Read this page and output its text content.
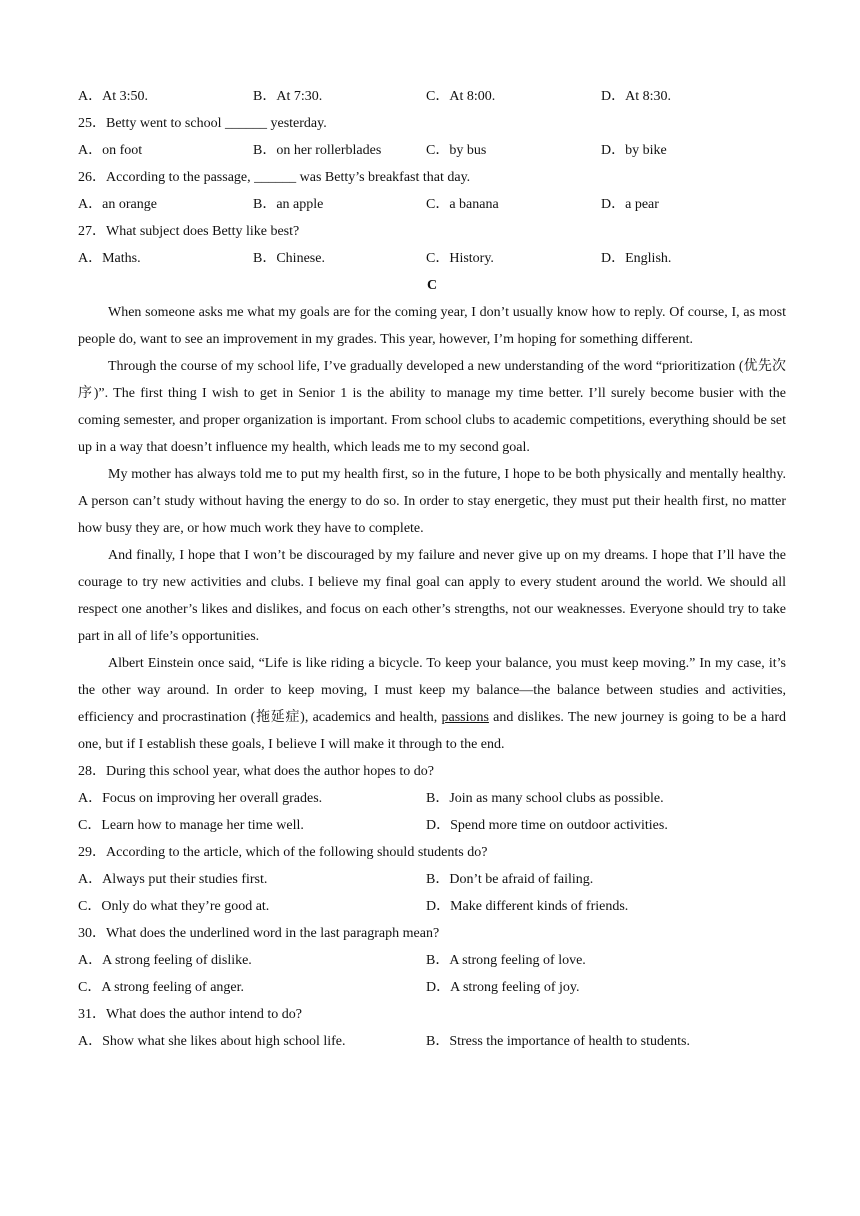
A．At 3:50.	B．At 7:30.	C．At 8:00.	D．At 8:30.
25．Betty went to school ______ yesterday.
A．on foot	B．on her rollerblades	C．by bus	D．by bike
26．According to the passage, ______ was Betty’s breakfast that day.
A．an orange	B．an apple	C．a banana	D．a pear
27．What subject does Betty like best?
A．Maths.	B．Chinese.	C．History.	D．English.
C

When someone asks me what my goals are for the coming year, I don’t usually know how to reply. Of course, I, as most people do, want to see an improvement in my grades. This year, however, I’m hoping for something different.

Through the course of my school life, I’ve gradually developed a new understanding of the word “prioritization (优先次序)”. The first thing I wish to get in Senior 1 is the ability to manage my time better. I’ll surely become busier with the coming semester, and proper organization is important. From school clubs to academic competitions, everything should be set up in a way that doesn’t influence my health, which leads me to my second goal.

My mother has always told me to put my health first, so in the future, I hope to be both physically and mentally healthy. A person can’t study without having the energy to do so. In order to stay energetic, they must put their health first, no matter how busy they are, or how much work they have to complete.

And finally, I hope that I won’t be discouraged by my failure and never give up on my dreams. I hope that I’ll have the courage to try new activities and clubs. I believe my final goal can apply to every student around the world. We should all respect one another’s likes and dislikes, and focus on each other’s strengths, not our weaknesses. Everyone should try to take part in all of life’s opportunities.

Albert Einstein once said, “Life is like riding a bicycle. To keep your balance, you must keep moving.” In my case, it’s the other way around. In order to keep moving, I must keep my balance—the balance between studies and activities, efficiency and procrastination (拖延症), academics and health, passions and dislikes. The new journey is going to be a hard one, but if I establish these goals, I believe I will make it through to the end.

28．During this school year, what does the author hopes to do?
A．Focus on improving her overall grades.	B．Join as many school clubs as possible.
C．Learn how to manage her time well.	D．Spend more time on outdoor activities.
29．According to the article, which of the following should students do?
A．Always put their studies first.	B．Don’t be afraid of failing.
C．Only do what they’re good at.	D．Make different kinds of friends.
30．What does the underlined word in the last paragraph mean?
A．A strong feeling of dislike.	B．A strong feeling of love.
C．A strong feeling of anger.	D．A strong feeling of joy.
31．What does the author intend to do?
A．Show what she likes about high school life.	B．Stress the importance of health to students.
